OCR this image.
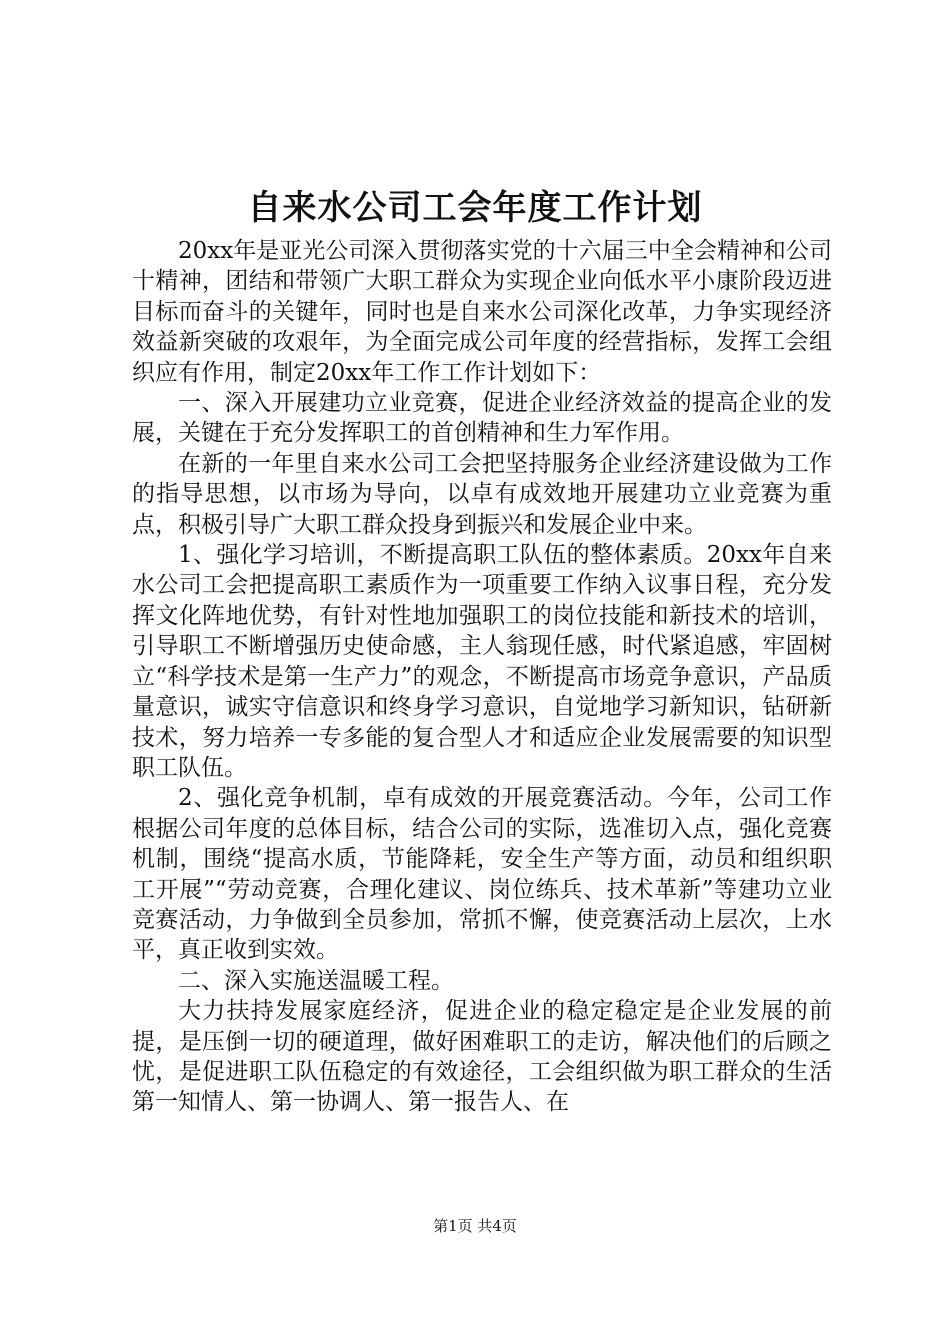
自来水公司工会年度工作计划

20xx年是亚光公司深入贯彻落实党的十六届三中全会精神和公司十精神，团结和带领广大职工群众为实现企业向低水平小康阶段迈进目标而奋斗的关键年，同时也是自来水公司深化改革，力争实现经济效益新突破的攻艰年，为全面完成公司年度的经营指标，发挥工会组织应有作用，制定20xx年工作工作计划如下：

一、深入开展建功立业竞赛，促进企业经济效益的提高企业的发展，关键在于充分发挥职工的首创精神和生力军作用。

在新的一年里自来水公司工会把坚持服务企业经济建设做为工作的指导思想，以市场为导向，以卓有成效地开展建功立业竞赛为重点，积极引导广大职工群众投身到振兴和发展企业中来。

1、强化学习培训，不断提高职工队伍的整体素质。20xx年自来水公司工会把提高职工素质作为一项重要工作纳入议事日程，充分发挥文化阵地优势，有针对性地加强职工的岗位技能和新技术的培训，引导职工不断增强历史使命感，主人翁现任感，时代紧追感，牢固树立“科学技术是第一生产力”的观念，不断提高市场竞争意识，产品质量意识，诚实守信意识和终身学习意识，自觉地学习新知识，钻研新技术，努力培养一专多能的复合型人才和适应企业发展需要的知识型职工队伍。

2、强化竞争机制，卓有成效的开展竞赛活动。今年，公司工作根据公司年度的总体目标，结合公司的实际，选准切入点，强化竞赛机制，围绕“提高水质，节能降耗，安全生产等方面，动员和组织职工开展”“劳动竞赛，合理化建议、岗位练兵、技术革新”等建功立业竞赛活动，力争做到全员参加，常抓不懈，使竞赛活动上层次，上水平，真正收到实效。

二、深入实施送温暖工程。

大力扶持发展家庭经济，促进企业的稳定稳定是企业发展的前提，是压倒一切的硬道理，做好困难职工的走访，解决他们的后顾之忧，是促进职工队伍稳定的有效途径，工会组织做为职工群众的生活第一知情人、第一协调人、第一报告人、在

第1页 共4页
